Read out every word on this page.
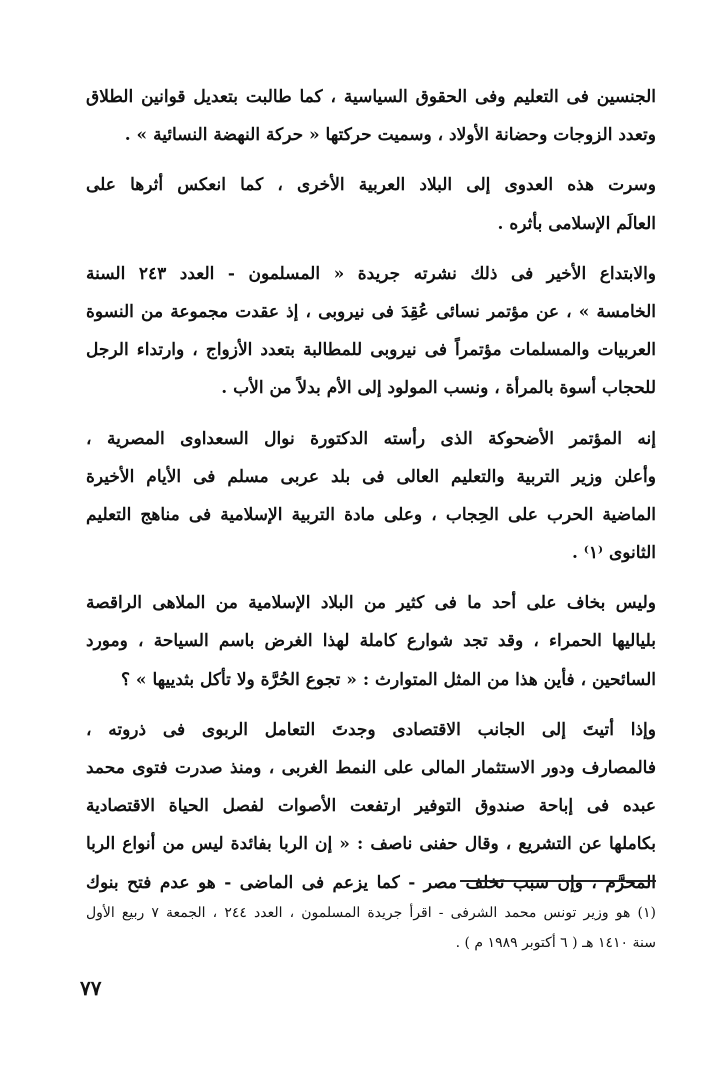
الجنسين فى التعليم وفى الحقوق السياسية ، كما طالبت بتعديل قوانين الطلاق
وتعدد الزوجات وحضانة الأولاد ، وسميت حركتها « حركة النهضة النسائية » .
وسرت هذه العدوى إلى البلاد العربية الأخرى ، كما انعكس أثرها على
العالَم الإسلامى بأثره .
والابتداع الأخير فى ذلك نشرته جريدة « المسلمون - العدد ٢٤٣ السنة
الخامسة » ، عن مؤتمر نسائى عُقِدَ فى نيروبى ، إذ عقدت مجموعة من النسوة
العربيات والمسلمات مؤتمراً فى نيروبى للمطالبة بتعدد الأزواج ، وارتداء الرجل
للحجاب أسوة بالمرأة ، ونسب المولود إلى الأم بدلاً من الأب .
إنه المؤتمر الأضحوكة الذى رأسته الدكتورة نوال السعداوى المصرية ،
وأعلن وزير التربية والتعليم العالى فى بلد عربى مسلم فى الأيام الأخيرة
الماضية الحرب على الحِجاب ، وعلى مادة التربية الإسلامية فى مناهج التعليم
الثانوى ⁽١⁾ .
وليس بخاف على أحد ما فى كثير من البلاد الإسلامية من الملاهى الراقصة
بلياليها الحمراء ، وقد تجد شوارع كاملة لهذا الغرض باسم السياحة ، ومورد
السائحين ، فأين هذا من المثل المتوارث : « تجوع الحُرَّة ولا تأكل بثدييها » ؟
وإذا أتيتَ إلى الجانب الاقتصادى وجدتَ التعامل الربوى فى ذروته ،
فالمصارف ودور الاستثمار المالى على النمط الغربى ، ومنذ صدرت فتوى محمد
عبده فى إباحة صندوق التوفير ارتفعت الأصوات لفصل الحياة الاقتصادية
بكاملها عن التشريع ، وقال حفنى ناصف : « إن الربا بفائدة ليس من أنواع الربا
المحرَّم ، وإن سبب تخلف مصر - كما يزعم فى الماضى - هو عدم فتح بنوك
(١) هو وزير تونس محمد الشرفى - اقرأ جريدة المسلمون ، العدد ٢٤٤ ، الجمعة ٧ ربيع الأول
سنة ١٤١٠ هـ ( ٦ أكتوبر ١٩٨٩ م ) .
٧٧
